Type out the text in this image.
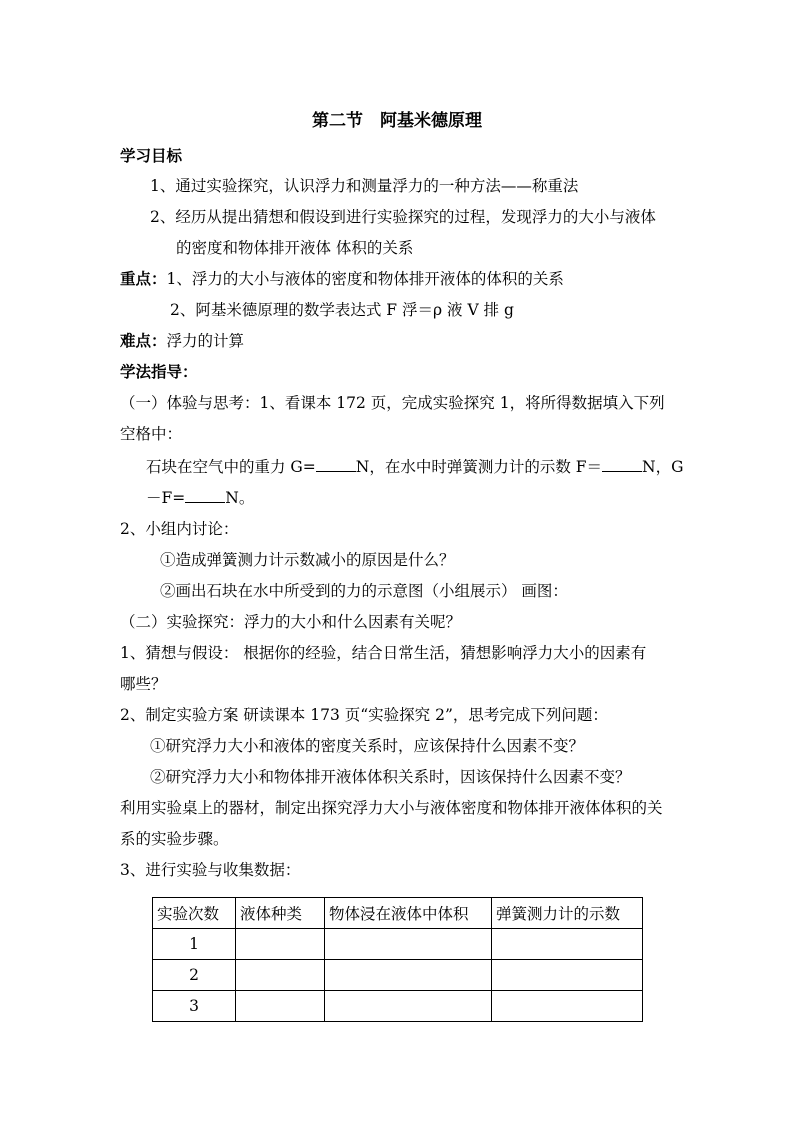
第二节　阿基米德原理
学习目标
1、通过实验探究，认识浮力和测量浮力的一种方法——称重法
2、经历从提出猜想和假设到进行实验探究的过程，发现浮力的大小与液体
的密度和物体排开液体 体积的关系
重点：1、浮力的大小与液体的密度和物体排开液体的体积的关系
2、阿基米德原理的数学表达式 F 浮＝ρ 液 V 排 g
难点：浮力的计算
学法指导：
（一）体验与思考：1、看课本 172 页，完成实验探究 1，将所得数据填入下列
空格中：
石块在空气中的重力 G=	N，在水中时弹簧测力计的示数 F＝	N，G
－F=	N。
2、小组内讨论：
①造成弹簧测力计示数减小的原因是什么？
②画出石块在水中所受到的力的示意图（小组展示） 画图：
（二）实验探究：浮力的大小和什么因素有关呢？
1、猜想与假设： 根据你的经验，结合日常生活，猜想影响浮力大小的因素有
哪些？
2、制定实验方案 研读课本 173 页“实验探究 2”，思考完成下列问题：
①研究浮力大小和液体的密度关系时，应该保持什么因素不变？
②研究浮力大小和物体排开液体体积关系时，因该保持什么因素不变？
利用实验桌上的器材，制定出探究浮力大小与液体密度和物体排开液体体积的关
系的实验步骤。
3、进行实验与收集数据：
实验次数	液体种类	物体浸在液体中体积	弹簧测力计的示数
1			
2			
3			
